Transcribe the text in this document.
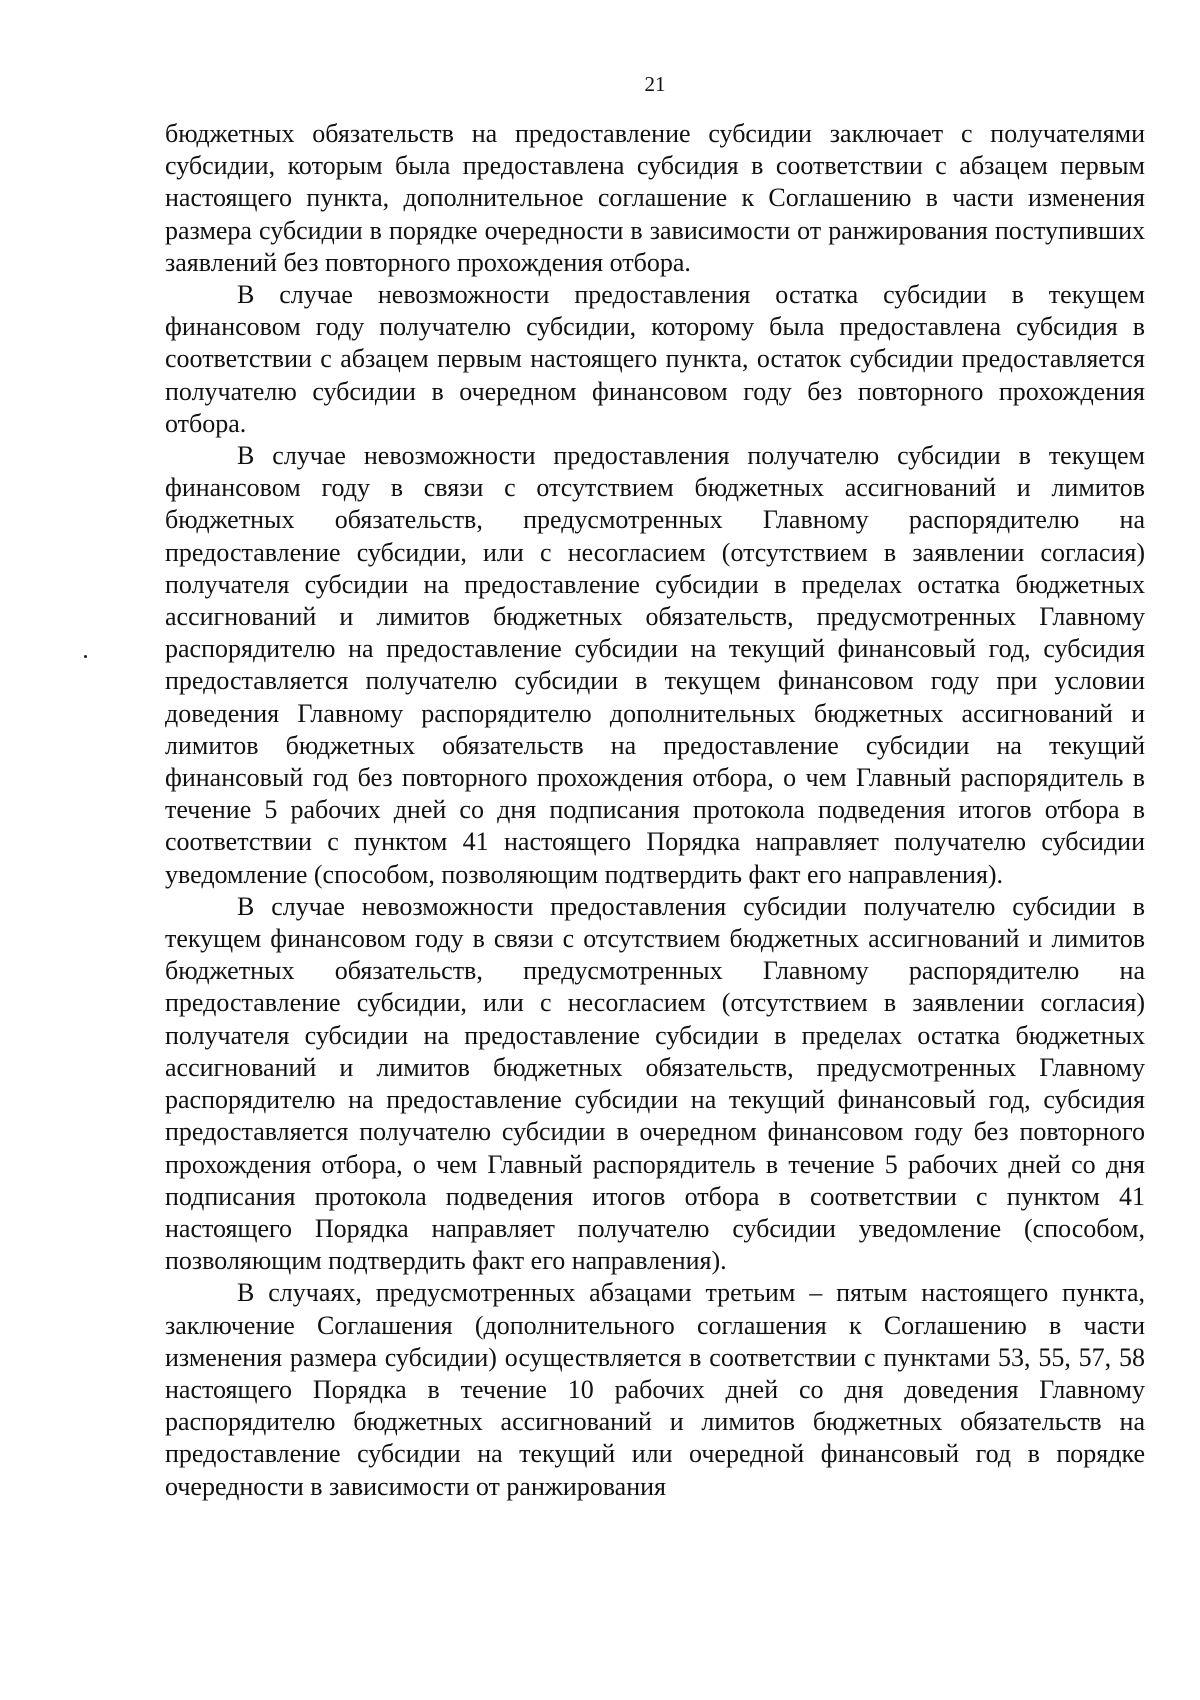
21

бюджетных обязательств на предоставление субсидии заключает с получателями субсидии, которым была предоставлена субсидия в соответствии с абзацем первым настоящего пункта, дополнительное соглашение к Соглашению в части изменения размера субсидии в порядке очередности в зависимости от ранжирования поступивших заявлений без повторного прохождения отбора.

В случае невозможности предоставления остатка субсидии в текущем финансовом году получателю субсидии, которому была предоставлена субсидия в соответствии с абзацем первым настоящего пункта, остаток субсидии предоставляется получателю субсидии в очередном финансовом году без повторного прохождения отбора.

В случае невозможности предоставления получателю субсидии в текущем финансовом году в связи с отсутствием бюджетных ассигнований и лимитов бюджетных обязательств, предусмотренных Главному распорядителю на предоставление субсидии, или с несогласием (отсутствием в заявлении согласия) получателя субсидии на предоставление субсидии в пределах остатка бюджетных ассигнований и лимитов бюджетных обязательств, предусмотренных Главному распорядителю на предоставление субсидии на текущий финансовый год, субсидия предоставляется получателю субсидии в текущем финансовом году при условии доведения Главному распорядителю дополнительных бюджетных ассигнований и лимитов бюджетных обязательств на предоставление субсидии на текущий финансовый год без повторного прохождения отбора, о чем Главный распорядитель в течение 5 рабочих дней со дня подписания протокола подведения итогов отбора в соответствии с пунктом 41 настоящего Порядка направляет получателю субсидии уведомление (способом, позволяющим подтвердить факт его направления).

В случае невозможности предоставления субсидии получателю субсидии в текущем финансовом году в связи с отсутствием бюджетных ассигнований и лимитов бюджетных обязательств, предусмотренных Главному распорядителю на предоставление субсидии, или с несогласием (отсутствием в заявлении согласия) получателя субсидии на предоставление субсидии в пределах остатка бюджетных ассигнований и лимитов бюджетных обязательств, предусмотренных Главному распорядителю на предоставление субсидии на текущий финансовый год, субсидия предоставляется получателю субсидии в очередном финансовом году без повторного прохождения отбора, о чем Главный распорядитель в течение 5 рабочих дней со дня подписания протокола подведения итогов отбора в соответствии с пунктом 41 настоящего Порядка направляет получателю субсидии уведомление (способом, позволяющим подтвердить факт его направления).

В случаях, предусмотренных абзацами третьим – пятым настоящего пункта, заключение Соглашения (дополнительного соглашения к Соглашению в части изменения размера субсидии) осуществляется в соответствии с пунктами 53, 55, 57, 58 настоящего Порядка в течение 10 рабочих дней со дня доведения Главному распорядителю бюджетных ассигнований и лимитов бюджетных обязательств на предоставление субсидии на текущий или очередной финансовый год в порядке очередности в зависимости от ранжирования
